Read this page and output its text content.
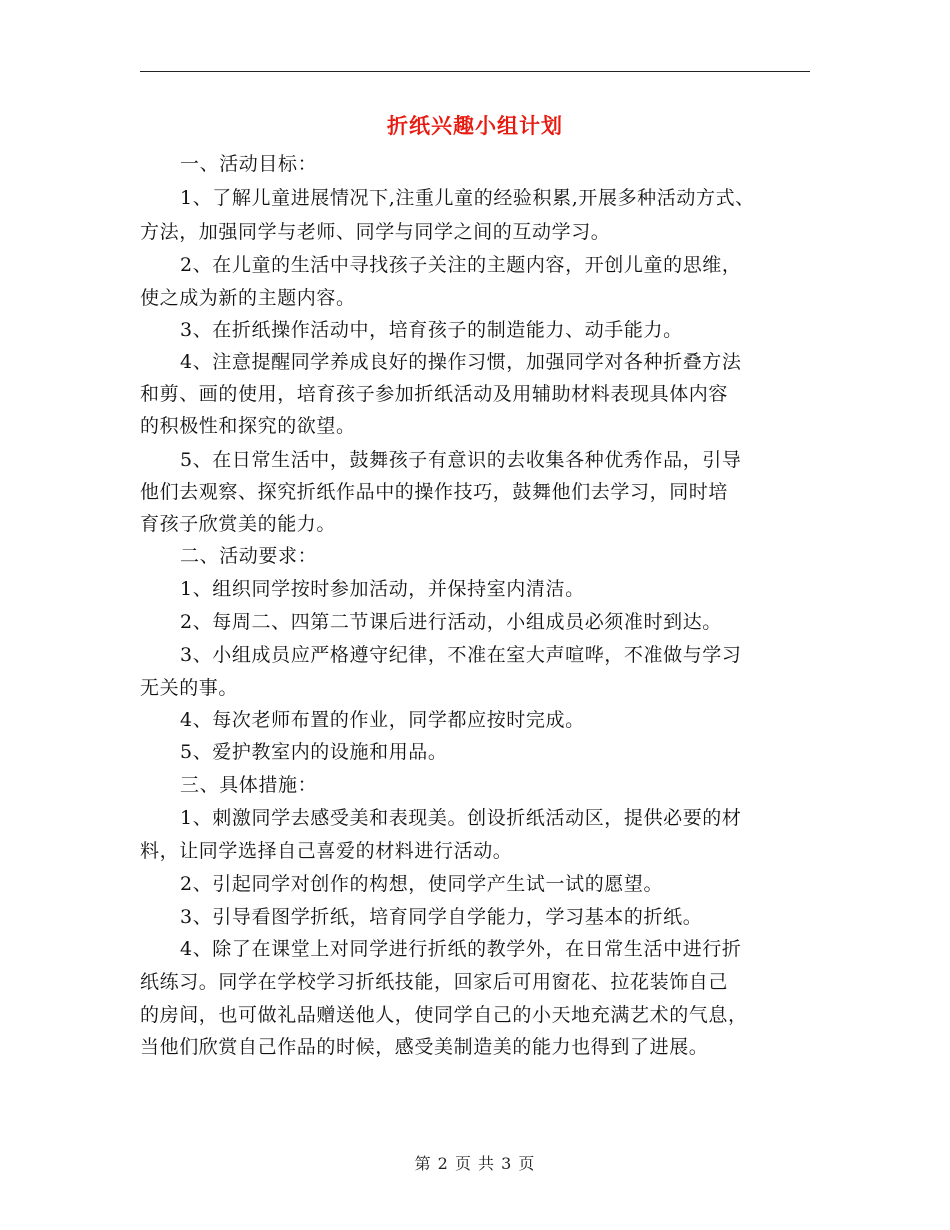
折纸兴趣小组计划
一、活动目标：
1、了解儿童进展情况下,注重儿童的经验积累,开展多种活动方式、
方法，加强同学与老师、同学与同学之间的互动学习。
2、在儿童的生活中寻找孩子关注的主题内容，开创儿童的思维，
使之成为新的主题内容。
3、在折纸操作活动中，培育孩子的制造能力、动手能力。
4、注意提醒同学养成良好的操作习惯，加强同学对各种折叠方法
和剪、画的使用，培育孩子参加折纸活动及用辅助材料表现具体内容
的积极性和探究的欲望。
5、在日常生活中，鼓舞孩子有意识的去收集各种优秀作品，引导
他们去观察、探究折纸作品中的操作技巧，鼓舞他们去学习，同时培
育孩子欣赏美的能力。
二、活动要求：
1、组织同学按时参加活动，并保持室内清洁。
2、每周二、四第二节课后进行活动，小组成员必须准时到达。
3、小组成员应严格遵守纪律，不准在室大声喧哗，不准做与学习
无关的事。
4、每次老师布置的作业，同学都应按时完成。
5、爱护教室内的设施和用品。
三、具体措施：
1、刺激同学去感受美和表现美。创设折纸活动区，提供必要的材
料，让同学选择自己喜爱的材料进行活动。
2、引起同学对创作的构想，使同学产生试一试的愿望。
3、引导看图学折纸，培育同学自学能力，学习基本的折纸。
4、除了在课堂上对同学进行折纸的教学外，在日常生活中进行折
纸练习。同学在学校学习折纸技能，回家后可用窗花、拉花装饰自己
的房间，也可做礼品赠送他人，使同学自己的小天地充满艺术的气息，
当他们欣赏自己作品的时候，感受美制造美的能力也得到了进展。
第 2 页 共 3 页
